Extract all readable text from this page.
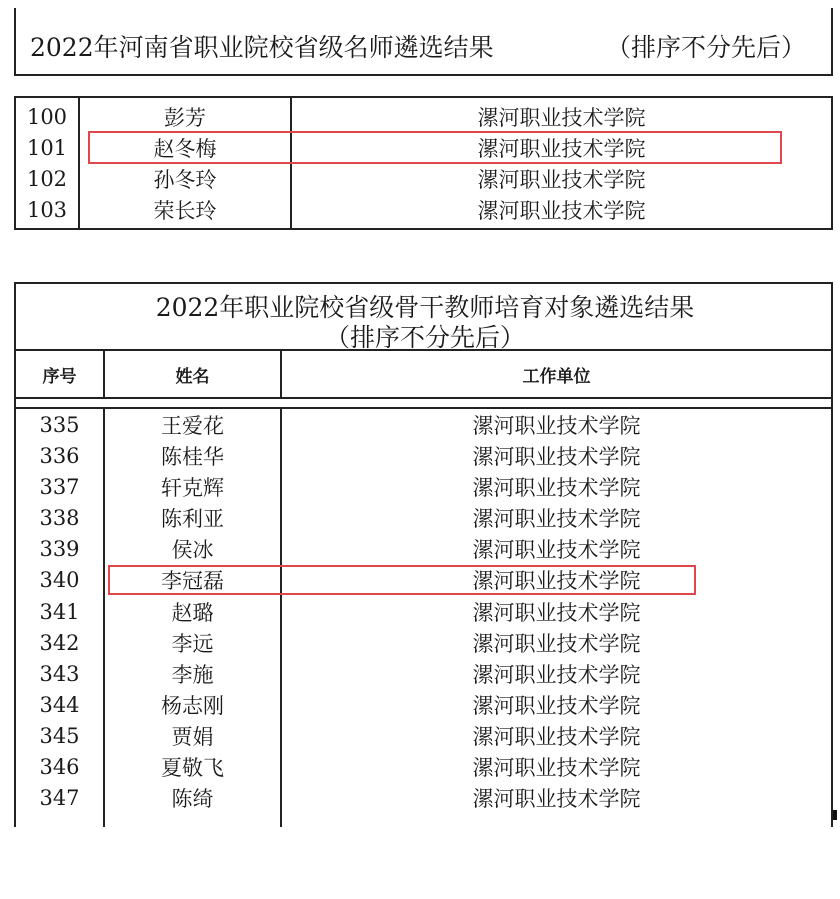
2022年河南省职业院校省级名师遴选结果	（排序不分先后）
100	彭芳	漯河职业技术学院
101	赵冬梅	漯河职业技术学院
102	孙冬玲	漯河职业技术学院
103	荣长玲	漯河职业技术学院
2022年职业院校省级骨干教师培育对象遴选结果
（排序不分先后）
序号	姓名	工作单位
335	王爱花	漯河职业技术学院
336	陈桂华	漯河职业技术学院
337	轩克辉	漯河职业技术学院
338	陈利亚	漯河职业技术学院
339	侯冰	漯河职业技术学院
340	李冠磊	漯河职业技术学院
341	赵璐	漯河职业技术学院
342	李远	漯河职业技术学院
343	李施	漯河职业技术学院
344	杨志刚	漯河职业技术学院
345	贾娟	漯河职业技术学院
346	夏敬飞	漯河职业技术学院
347	陈绮	漯河职业技术学院
